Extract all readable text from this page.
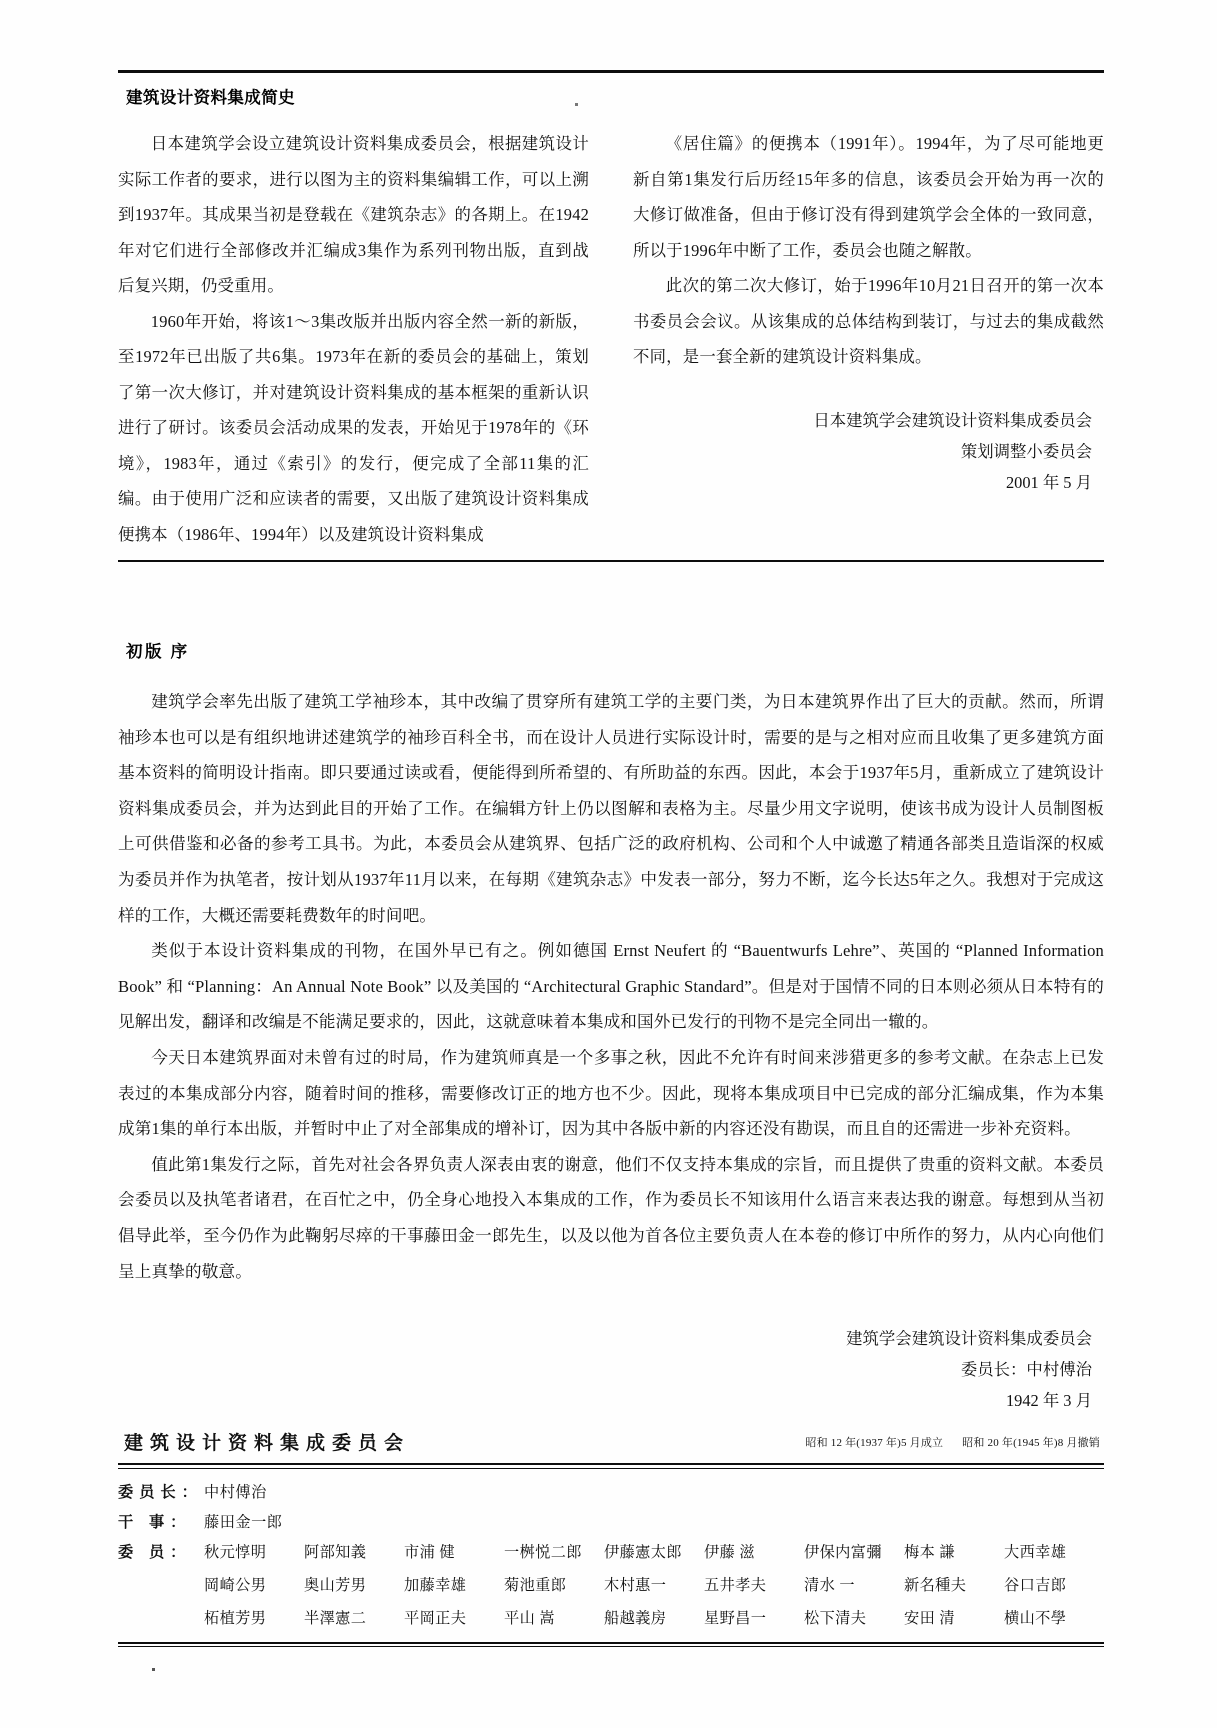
建筑设计资料集成简史

日本建筑学会设立建筑设计资料集成委员会，根据建筑设计实际工作者的要求，进行以图为主的资料集编辑工作，可以上溯到1937年。其成果当初是登载在《建筑杂志》的各期上。在1942年对它们进行全部修改并汇编成3集作为系列刊物出版，直到战后复兴期，仍受重用。

1960年开始，将该1～3集改版并出版内容全然一新的新版，至1972年已出版了共6集。1973年在新的委员会的基础上，策划了第一次大修订，并对建筑设计资料集成的基本框架的重新认识进行了研讨。该委员会活动成果的发表，开始见于1978年的《环境》，1983年，通过《索引》的发行，便完成了全部11集的汇编。由于使用广泛和应读者的需要，又出版了建筑设计资料集成便携本（1986年、1994年）以及建筑设计资料集成

《居住篇》的便携本（1991年）。1994年，为了尽可能地更新自第1集发行后历经15年多的信息，该委员会开始为再一次的大修订做准备，但由于修订没有得到建筑学会全体的一致同意，所以于1996年中断了工作，委员会也随之解散。

此次的第二次大修订，始于1996年10月21日召开的第一次本书委员会会议。从该集成的总体结构到装订，与过去的集成截然不同，是一套全新的建筑设计资料集成。

日本建筑学会建筑设计资料集成委员会
策划调整小委员会
2001 年 5 月
初版 序

建筑学会率先出版了建筑工学袖珍本，其中改编了贯穿所有建筑工学的主要门类，为日本建筑界作出了巨大的贡献。然而，所谓袖珍本也可以是有组织地讲述建筑学的袖珍百科全书，而在设计人员进行实际设计时，需要的是与之相对应而且收集了更多建筑方面基本资料的简明设计指南。即只要通过读或看，便能得到所希望的、有所助益的东西。因此，本会于1937年5月，重新成立了建筑设计资料集成委员会，并为达到此目的开始了工作。在编辑方针上仍以图解和表格为主。尽量少用文字说明，使该书成为设计人员制图板上可供借鉴和必备的参考工具书。为此，本委员会从建筑界、包括广泛的政府机构、公司和个人中诚邀了精通各部类且造诣深的权威为委员并作为执笔者，按计划从1937年11月以来，在每期《建筑杂志》中发表一部分，努力不断，迄今长达5年之久。我想对于完成这样的工作，大概还需要耗费数年的时间吧。

类似于本设计资料集成的刊物，在国外早已有之。例如德国 Ernst Neufert 的 “Bauentwurfs Lehre”、英国的 “Planned Information Book” 和 “Planning：An Annual Note Book” 以及美国的 “Architectural Graphic Standard”。但是对于国情不同的日本则必须从日本特有的见解出发，翻译和改编是不能满足要求的，因此，这就意味着本集成和国外已发行的刊物不是完全同出一辙的。

今天日本建筑界面对未曾有过的时局，作为建筑师真是一个多事之秋，因此不允许有时间来涉猎更多的参考文献。在杂志上已发表过的本集成部分内容，随着时间的推移，需要修改订正的地方也不少。因此，现将本集成项目中已完成的部分汇编成集，作为本集成第1集的单行本出版，并暂时中止了对全部集成的增补订，因为其中各版中新的内容还没有勘误，而且自的还需进一步补充资料。

值此第1集发行之际，首先对社会各界负责人深表由衷的谢意，他们不仅支持本集成的宗旨，而且提供了贵重的资料文献。本委员会委员以及执笔者诸君，在百忙之中，仍全身心地投入本集成的工作，作为委员长不知该用什么语言来表达我的谢意。每想到从当初倡导此举，至今仍作为此鞠躬尽瘁的干事藤田金一郎先生，以及以他为首各位主要负责人在本卷的修订中所作的努力，从内心向他们呈上真挚的敬意。

建筑学会建筑设计资料集成委员会
委员长：中村傅治
1942 年 3 月
建筑设计资料集成委员会	昭和 12 年(1937 年)5 月成立 昭和 20 年(1945 年)8 月撤销
委员长： 中村傅治
干 事： 藤田金一郎
委 员： 秋元惇明	阿部知義	市浦 健	一桝悦二郎	伊藤憲太郎	伊藤 滋	伊保内富彌	梅本 謙	大西幸雄
岡崎公男	奥山芳男	加藤幸雄	菊池重郎	木村惠一	五井孝夫	清水 一	新名種夫	谷口吉郎
柘植芳男	半澤憲二	平岡正夫	平山 嵩	船越義房	星野昌一	松下清夫	安田 清	横山不學
